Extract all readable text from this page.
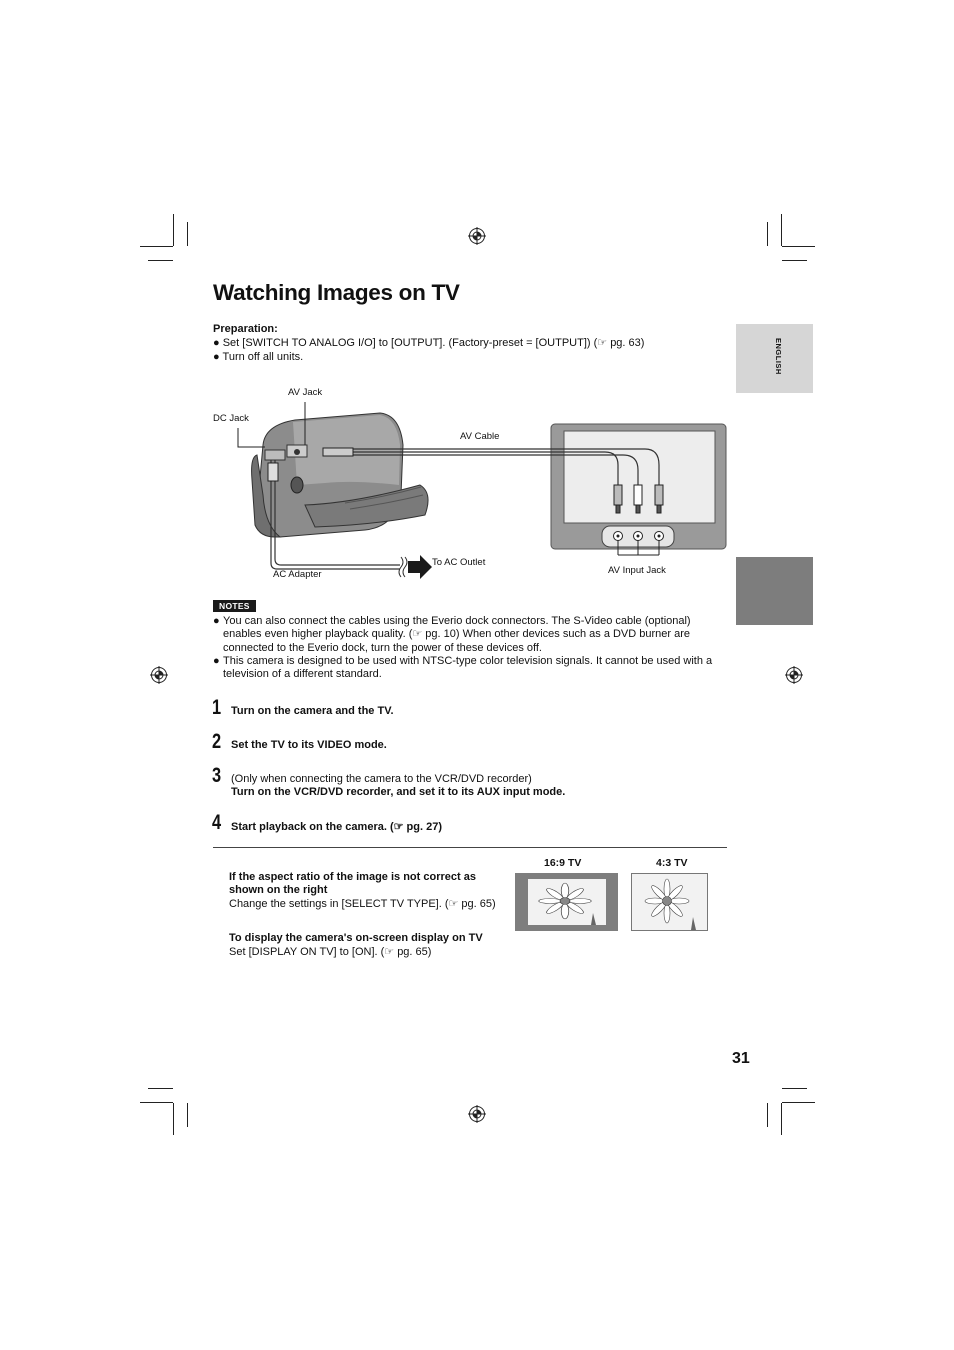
ENGLISH
Watching Images on TV
Preparation:
● Set [SWITCH TO ANALOG I/O] to [OUTPUT]. (Factory-preset = [OUTPUT]) (☞ pg. 63)
● Turn off all units.
AV Jack
DC Jack
AV Cable
To AC Outlet
AC Adapter	AV Input Jack
NOTES
● You can also connect the cables using the Everio dock connectors. The S-Video cable (optional) enables even higher playback quality. (☞ pg. 10) When other devices such as a DVD burner are connected to the Everio dock, turn the power of these devices off.
● This camera is designed to be used with NTSC-type color television signals. It cannot be used with a television of a different standard.
1 Turn on the camera and the TV.
2 Set the TV to its VIDEO mode.
3 (Only when connecting the camera to the VCR/DVD recorder)
Turn on the VCR/DVD recorder, and set it to its AUX input mode.
4 Start playback on the camera. (☞ pg. 27)
If the aspect ratio of the image is not correct as shown on the right
Change the settings in [SELECT TV TYPE]. (☞ pg. 65)
To display the camera's on-screen display on TV
Set [DISPLAY ON TV] to [ON]. (☞ pg. 65)
16:9 TV	4:3 TV
31
